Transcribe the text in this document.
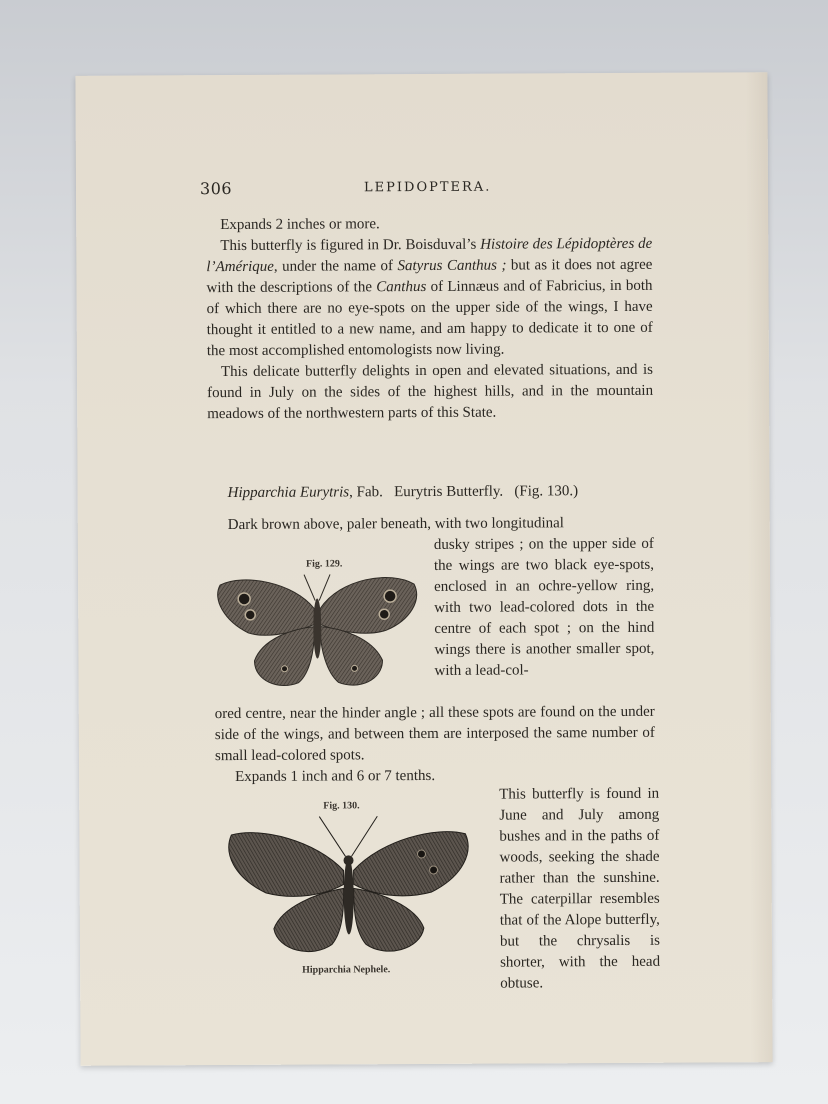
306	LEPIDOPTERA.

Expands 2 inches or more.

This butterfly is figured in Dr. Boisduval’s Histoire des Lépidoptères de l’Amérique, under the name of Satyrus Canthus ; but as it does not agree with the descriptions of the Canthus of Linnæus and of Fabricius, in both of which there are no eye-spots on the upper side of the wings, I have thought it entitled to a new name, and am happy to dedicate it to one of the most accomplished entomologists now living.

This delicate butterfly delights in open and elevated situations, and is found in July on the sides of the highest hills, and in the mountain meadows of the northwestern parts of this State.

Hipparchia Eurytris, Fab. Eurytris Butterfly. (Fig. 130.)
Dark brown above, paler beneath, with two longitudinal
Fig. 129.
dusky stripes ; on the upper side of the wings are two black eye-spots, enclosed in an ochre-yellow ring, with two lead-colored dots in the centre of each spot ; on the hind wings there is another smaller spot, with a lead-col-
ored centre, near the hinder angle ; all these spots are found on the under side of the wings, and between them are interposed the same number of small lead-colored spots.
Expands 1 inch and 6 or 7 tenths.
Fig. 130.
Hipparchia Nephele.
This butterfly is found in June and July among bushes and in the paths of woods, seeking the shade rather than the sunshine. The caterpillar resembles that of the Alope butterfly, but the chrysalis is shorter, with the head obtuse.
